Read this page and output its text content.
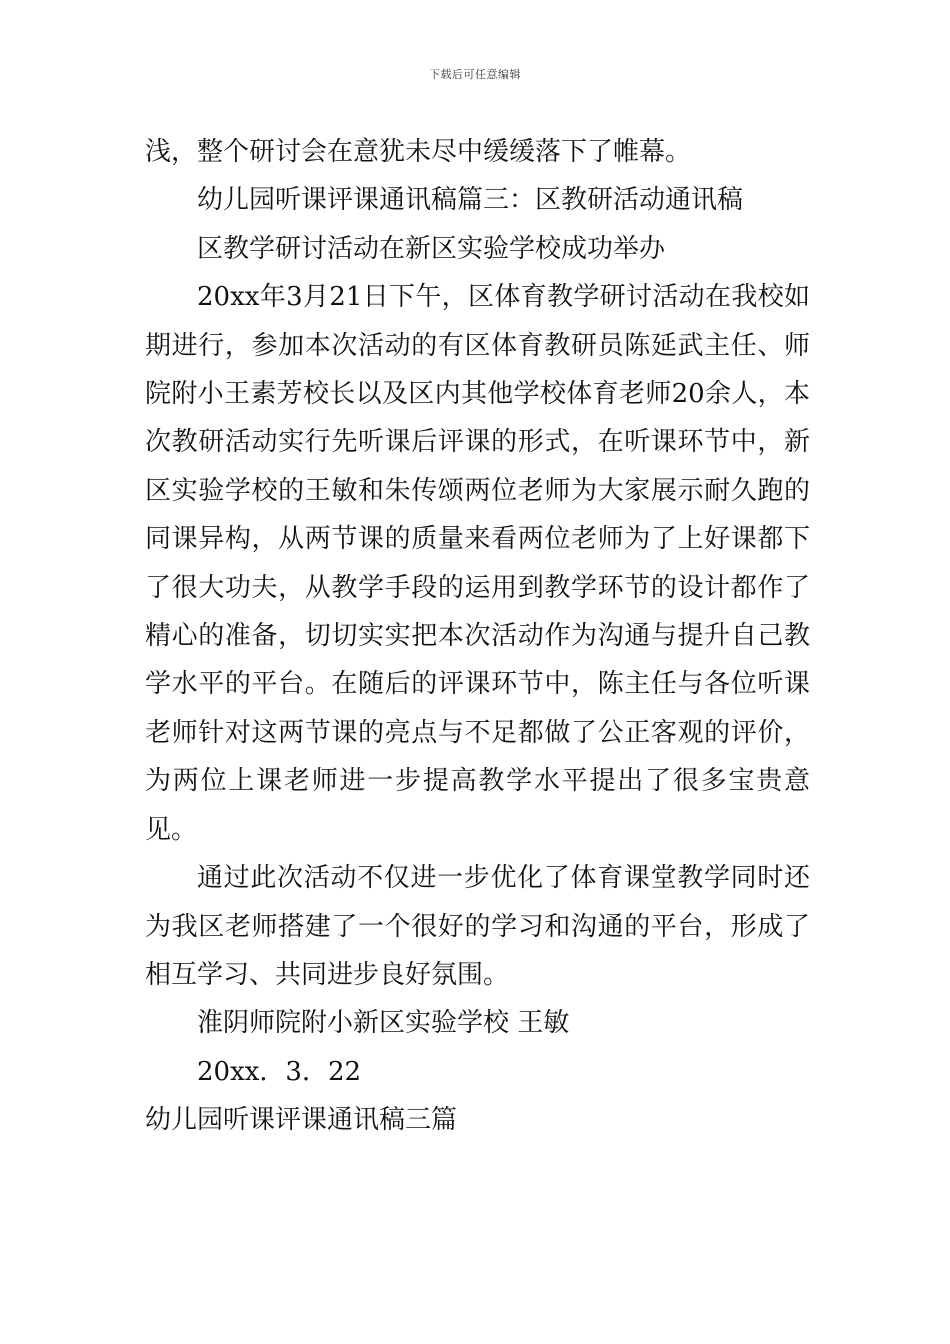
下载后可任意编辑

浅，整个研讨会在意犹未尽中缓缓落下了帷幕。

幼儿园听课评课通讯稿篇三：区教研活动通讯稿

区教学研讨活动在新区实验学校成功举办

20xx年3月21日下午，区体育教学研讨活动在我校如期进行，参加本次活动的有区体育教研员陈延武主任、师院附小王素芳校长以及区内其他学校体育老师20余人，本次教研活动实行先听课后评课的形式，在听课环节中，新区实验学校的王敏和朱传颂两位老师为大家展示耐久跑的同课异构，从两节课的质量来看两位老师为了上好课都下了很大功夫，从教学手段的运用到教学环节的设计都作了精心的准备，切切实实把本次活动作为沟通与提升自己教学水平的平台。在随后的评课环节中，陈主任与各位听课老师针对这两节课的亮点与不足都做了公正客观的评价，为两位上课老师进一步提高教学水平提出了很多宝贵意见。

通过此次活动不仅进一步优化了体育课堂教学同时还为我区老师搭建了一个很好的学习和沟通的平台，形成了相互学习、共同进步良好氛围。

淮阴师院附小新区实验学校 王敏

20xx．3．22

幼儿园听课评课通讯稿三篇
